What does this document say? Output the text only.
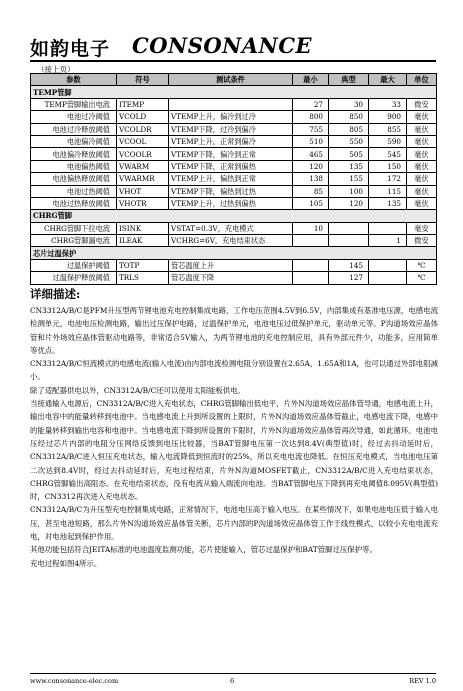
如韵电子 CONSONANCE
（接上页）
参数	符号	测试条件	最小	典型	最大	单位
TEMP管脚						
TEMP管脚输出电流	ITEMP		27	30	33	微安
电池过冷阈值	VCOLD	VTEMP上升，偏冷到过冷	800	850	900	毫伏
电池过冷释放阈值	VCOLDR	VTEMP下降，过冷到偏冷	755	805	855	毫伏
电池偏冷阈值	VCOOL	VTEMP上升，正常到偏冷	510	550	590	毫伏
电池偏冷释放阈值	VCOOLR	VTEMP下降，偏冷到正常	465	505	545	毫伏
电池偏热阈值	VWARM	VTEMP下降，正常到偏热	120	135	150	毫伏
电池偏热释放阈值	VWARMR	VTEMP上升，偏热到正常	138	155	172	毫伏
电池过热阈值	VHOT	VTEMP下降，偏热到过热	85	100	115	毫伏
电池过热释放阈值	VHOTR	VTEMP上升，过热到偏热	105	120	135	毫伏
CHRG管脚						
CHRG管脚下拉电流	ISINK	VSTAT=0.3V，充电模式	10			毫安
CHRG管脚漏电流	ILEAK	VCHRG=6V，充电结束状态			1	微安
芯片过温保护						
过温保护阈值	TOTP	管芯温度上升		145		℃
过温保护释放阈值	TRLS	管芯温度下降		127		℃
详细描述:

CN3312A/B/C是PFM升压型两节锂电池充电控制集成电路，工作电压范围4.5V到6.5V，内部集成有基准电压源，电感电流检测单元，电池电压检测电路，输出过压保护电路，过温保护单元，电池电压过低保护单元，驱动单元等。P沟道场效应晶体管和片外场效应晶体管驱动电路等，非常适合5V输入，为两节锂电池的充电控制应用，具有外部元件少，功能多，应用简单等优点。

CN3312A/B/C恒流模式的电感电流(输入电流)由内部电流检测电阻分别设置在2.65A，1.65A和1A，也可以通过外部电阻减小。

除了适配器供电以外，CN3312A/B/C还可以使用太阳能板供电。

当接通输入电源后，CN3312A/B/C进入充电状态，CHRG管脚输出低电平，片外N沟道场效应晶体管导通，电感电流上升，输出电容中的能量转移到电池中。当电感电流上升到所设置的上限时，片外N沟道场效应晶体管截止，电感电流下降，电感中的能量转移到输出电容和电池中。当电感电流下降到所设置的下限时，片外N沟道场效应晶体管再次导通，如此循环。电池电压经过芯片内部的电阻分压网络反馈到电压比较器，当BAT管脚电压第一次达到8.4V(典型值)时，经过去抖动延时后，CN3312A/B/C进入恒压充电状态，输入电流降低到恒流时的25%，所以充电电流也降低。在恒压充电模式，当电池电压第二次达到8.4V时，经过去抖动延时后，充电过程结束，片外N沟道MOSFET截止，CN3312A/B/C进入充电结束状态，CHRG管脚输出高阻态。在充电结束状态，没有电流从输入端流向电池。当BAT管脚电压下降到再充电阈值8.095V(典型值)时，CN3312再次进入充电状态。

CN3312A/B/C为升压型充电控制集成电路，正常情况下，电池电压高于输入电压。在某些情况下，如果电池电压低于输入电压，甚至电池短路，那么片外N沟道场效应晶体管关断，芯片内部的P沟道场效应晶体管工作于线性模式，以较小充电电流充电，对电池起到保护作用。

其他功能包括符合JEITA标准的电池温度监测功能，芯片使能输入，管芯过温保护和BAT管脚过压保护等。

充电过程如图4所示。

www.consonance-elec.com	6	REV 1.0
